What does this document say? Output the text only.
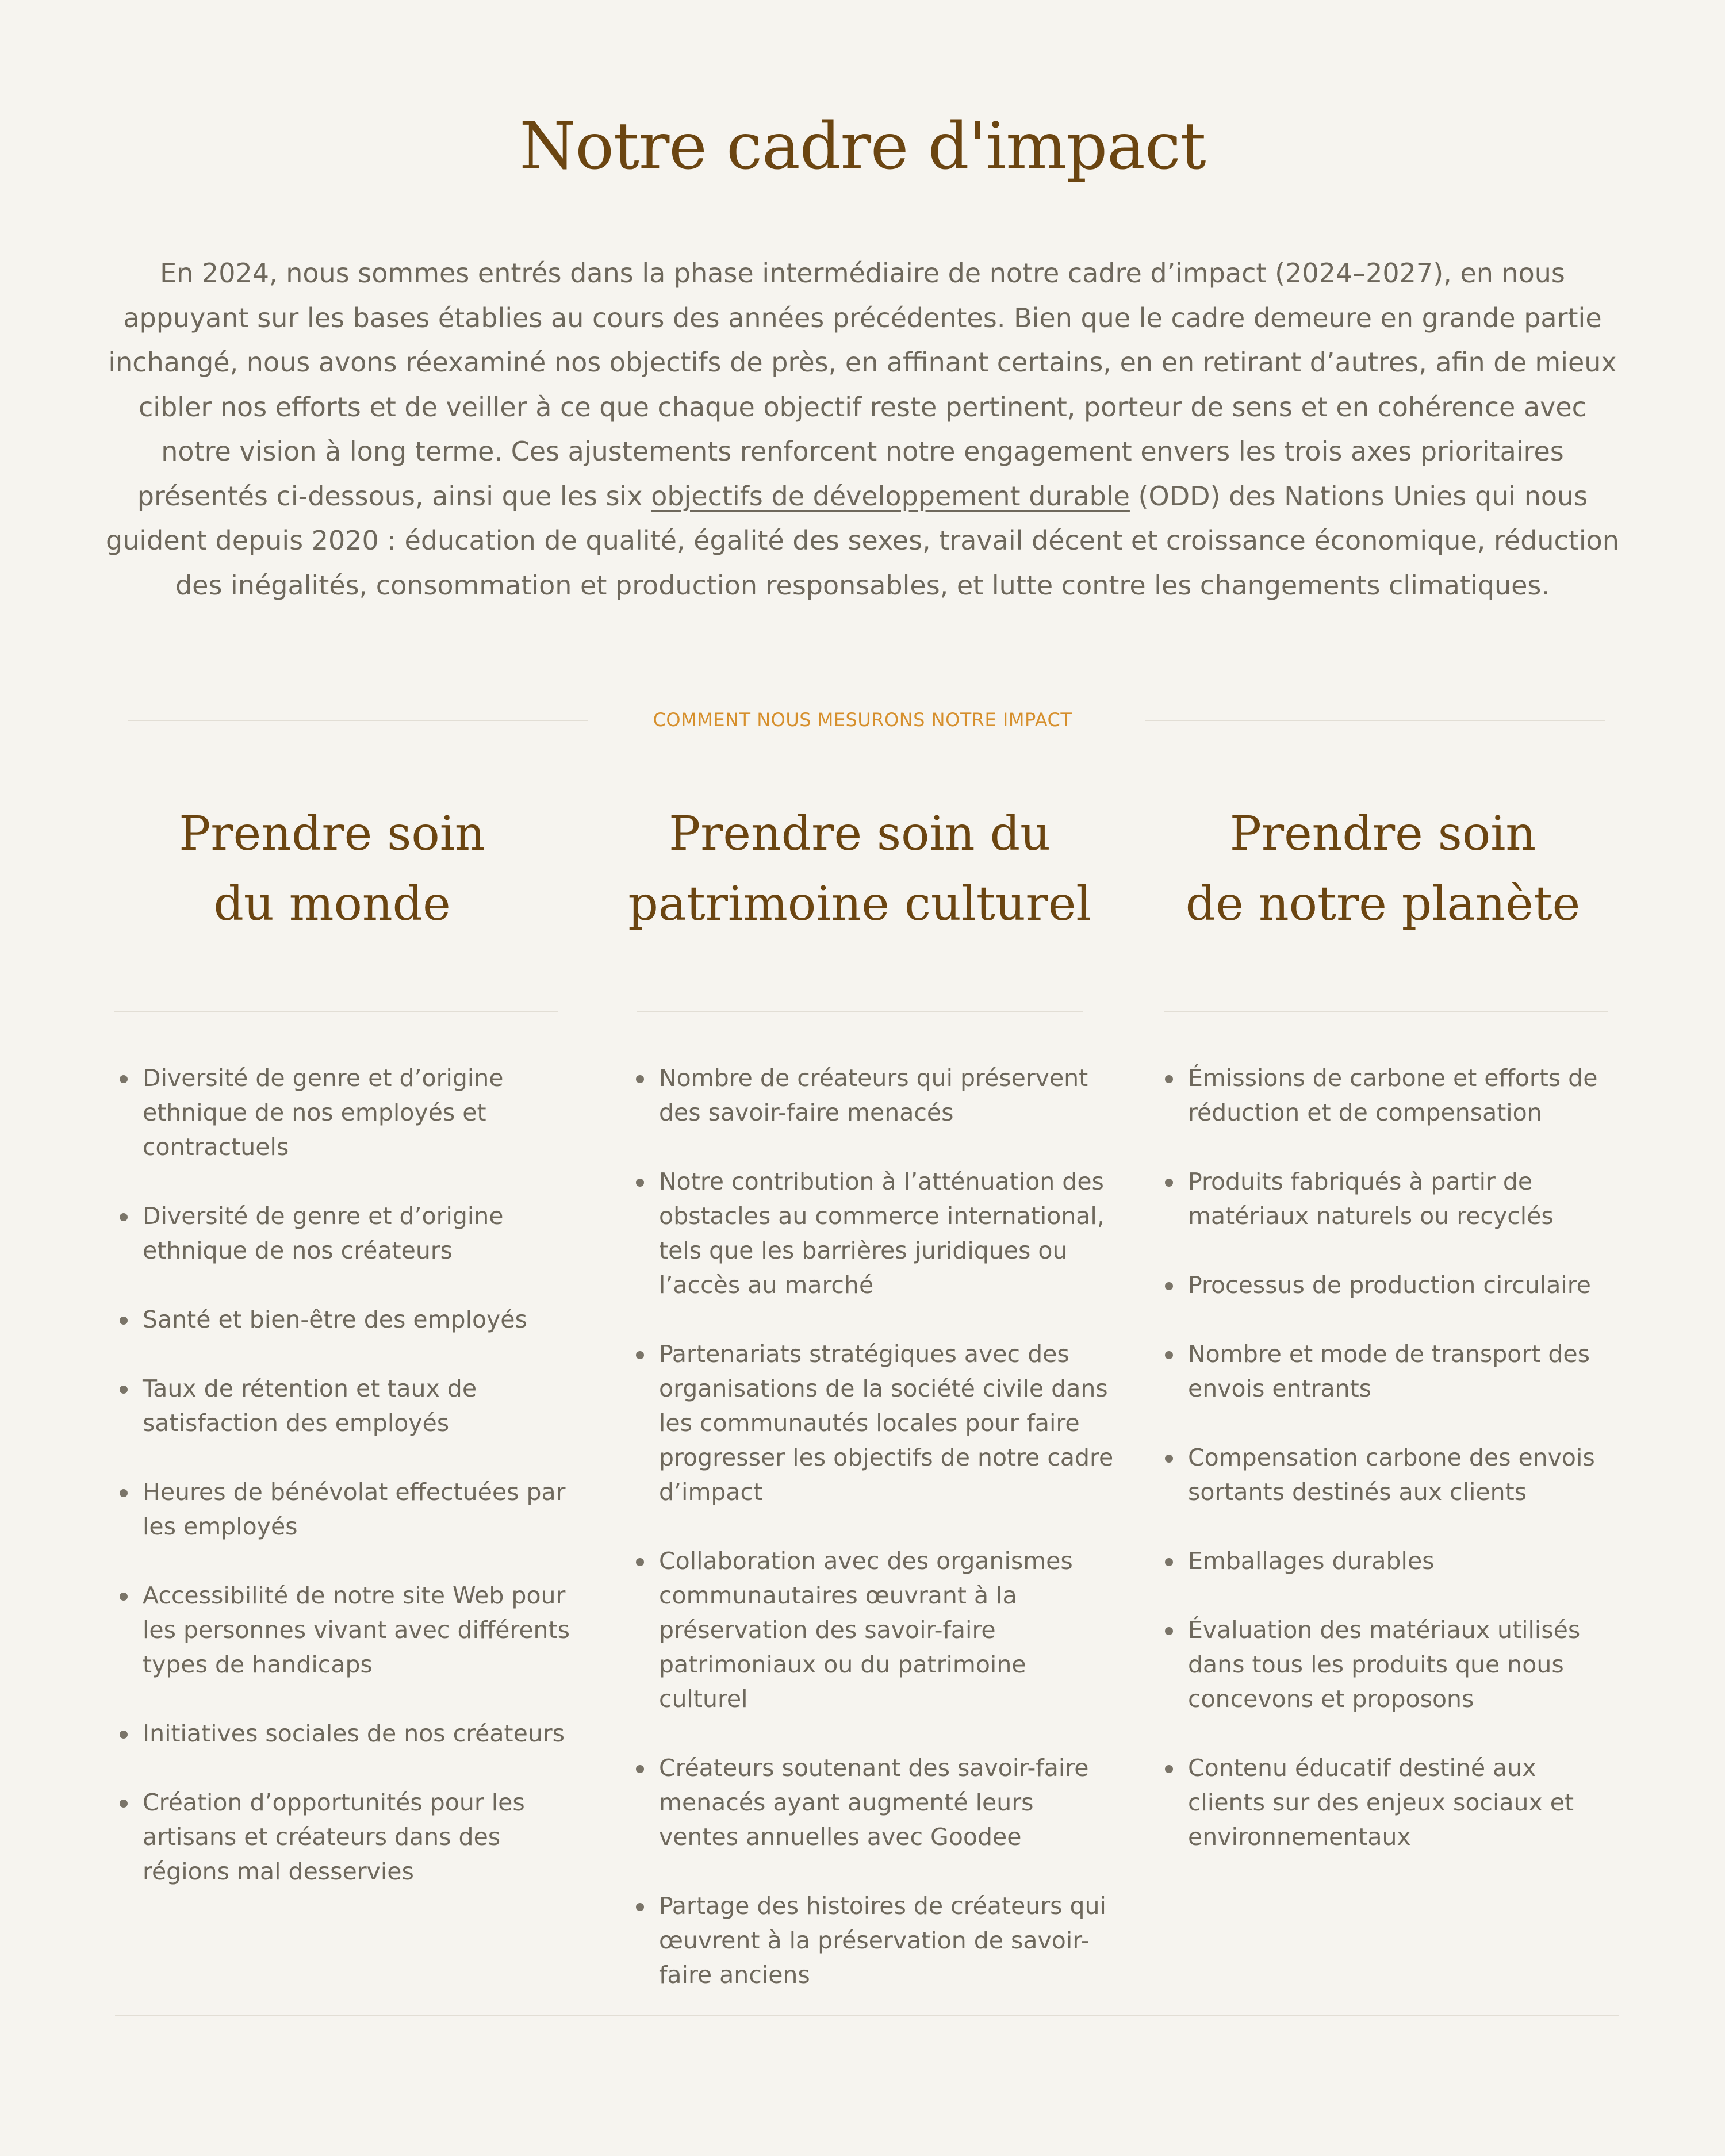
Notre cadre d'impact

En 2024, nous sommes entrés dans la phase intermédiaire de notre cadre d’impact (2024–2027), en nous appuyant sur les bases établies au cours des années précédentes. Bien que le cadre demeure en grande partie inchangé, nous avons réexaminé nos objectifs de près, en affinant certains, en en retirant d’autres, afin de mieux cibler nos efforts et de veiller à ce que chaque objectif reste pertinent, porteur de sens et en cohérence avec notre vision à long terme. Ces ajustements renforcent notre engagement envers les trois axes prioritaires présentés ci-dessous, ainsi que les six objectifs de développement durable (ODD) des Nations Unies qui nous guident depuis 2020 : éducation de qualité, égalité des sexes, travail décent et croissance économique, réduction des inégalités, consommation et production responsables, et lutte contre les changements climatiques.

COMMENT NOUS MESURONS NOTRE IMPACT
Prendre soin
du monde
Diversité de genre et d’origine ethnique de nos employés et contractuels
Diversité de genre et d’origine ethnique de nos créateurs
Santé et bien-être des employés
Taux de rétention et taux de satisfaction des employés
Heures de bénévolat effectuées par les employés
Accessibilité de notre site Web pour les personnes vivant avec différents types de handicaps
Initiatives sociales de nos créateurs
Création d’opportunités pour les artisans et créateurs dans des régions mal desservies
Prendre soin du
patrimoine culturel
Nombre de créateurs qui préservent des savoir-faire menacés
Notre contribution à l’atténuation des obstacles au commerce international, tels que les barrières juridiques ou l’accès au marché
Partenariats stratégiques avec des organisations de la société civile dans les communautés locales pour faire progresser les objectifs de notre cadre d’impact
Collaboration avec des organismes communautaires œuvrant à la préservation des savoir-faire patrimoniaux ou du patrimoine culturel
Créateurs soutenant des savoir-faire menacés ayant augmenté leurs ventes annuelles avec Goodee
Partage des histoires de créateurs qui œuvrent à la préservation de savoir-faire anciens
Prendre soin
de notre planète
Émissions de carbone et efforts de réduction et de compensation
Produits fabriqués à partir de matériaux naturels ou recyclés
Processus de production circulaire
Nombre et mode de transport des envois entrants
Compensation carbone des envois sortants destinés aux clients
Emballages durables
Évaluation des matériaux utilisés dans tous les produits que nous concevons et proposons
Contenu éducatif destiné aux clients sur des enjeux sociaux et environnementaux
